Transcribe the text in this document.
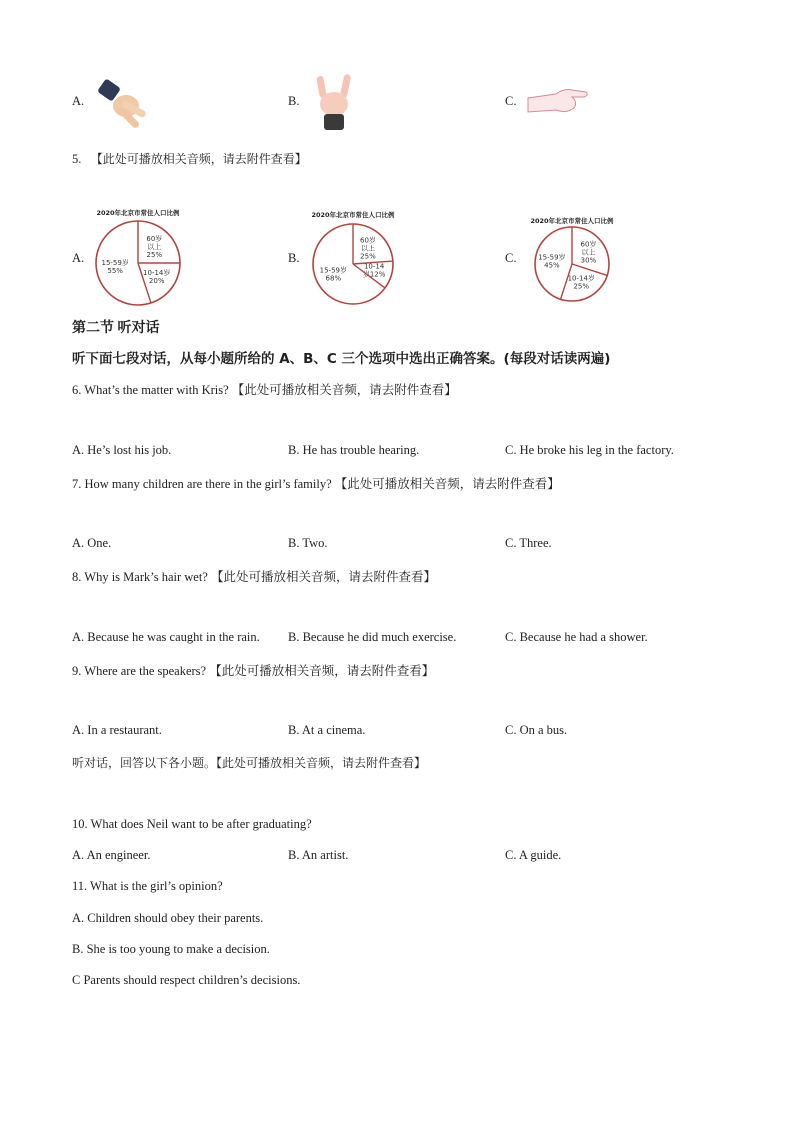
A.	B.	C.
5. 【此处可播放相关音频，请去附件查看】
A.
2020年北京市常住人口比例
60岁
以上
25%
10-14岁
20%
15-59岁
55%
B.
2020年北京市常住人口比例
60岁
以上
25%
10-14
岁12%
15-59岁
68%
C.
2020年北京市常住人口比例
60岁
以上
30%
10-14岁
25%
15-59岁
45%
第二节 听对话
听下面七段对话，从每小题所给的 A、B、C 三个选项中选出正确答案。(每段对话读两遍)
6. What’s the matter with Kris? 【此处可播放相关音频，请去附件查看】
A. He’s lost his job.	B. He has trouble hearing.	C. He broke his leg in the factory.
7. How many children are there in the girl’s family? 【此处可播放相关音频，请去附件查看】
A. One.	B. Two.	C. Three.
8. Why is Mark’s hair wet? 【此处可播放相关音频，请去附件查看】
A. Because he was caught in the rain. B. Because he did much exercise.	C. Because he had a shower.
9. Where are the speakers? 【此处可播放相关音频，请去附件查看】
A. In a restaurant.	B. At a cinema.	C. On a bus.
听对话，回答以下各小题。【此处可播放相关音频，请去附件查看】
10. What does Neil want to be after graduating?
A. An engineer.	B. An artist.	C. A guide.
11. What is the girl’s opinion?
A. Children should obey their parents.
B. She is too young to make a decision.
C Parents should respect children’s decisions.
